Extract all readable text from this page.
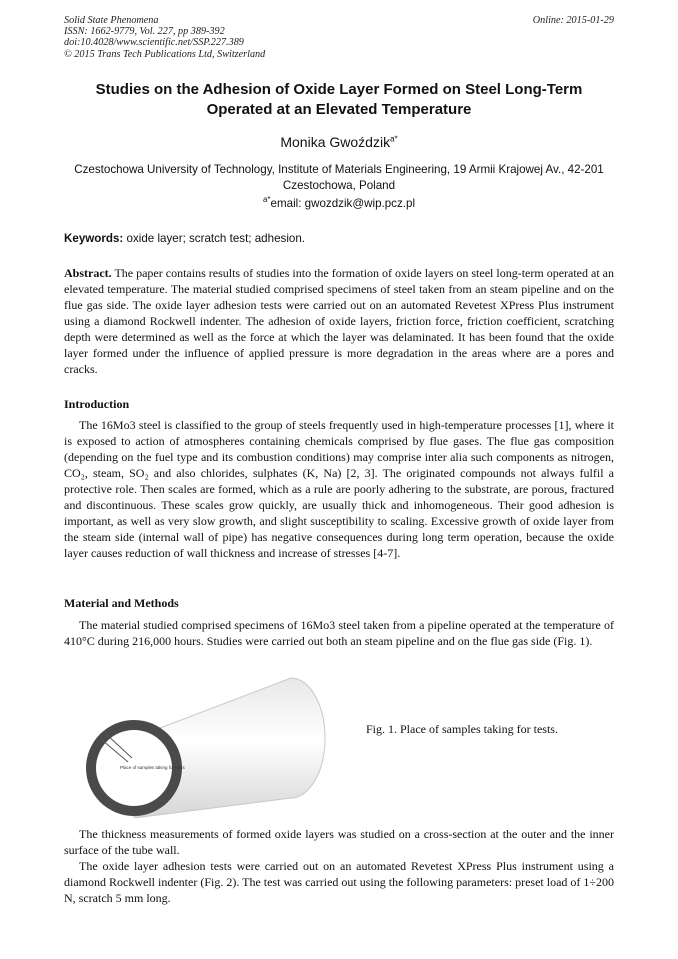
Solid State Phenomena
ISSN: 1662-9779, Vol. 227, pp 389-392
doi:10.4028/www.scientific.net/SSP.227.389
© 2015 Trans Tech Publications Ltd, Switzerland
Online: 2015-01-29
Studies on the Adhesion of Oxide Layer Formed on Steel Long-Term Operated at an Elevated Temperature
Monika Gwoździk$^{a*}$
Czestochowa University of Technology, Institute of Materials Engineering, 19 Armii Krajowej Av., 42-201 Czestochowa, Poland
$^{a*}$email: gwozdzik@wip.pcz.pl
Keywords: oxide layer; scratch test; adhesion.
Abstract. The paper contains results of studies into the formation of oxide layers on steel long-term operated at an elevated temperature. The material studied comprised specimens of steel taken from an steam pipeline and on the flue gas side. The oxide layer adhesion tests were carried out on an automated Revetest XPress Plus instrument using a diamond Rockwell indenter. The adhesion of oxide layers, friction force, friction coefficient, scratching depth were determined as well as the force at which the layer was delaminated. It has been found that the oxide layer formed under the influence of applied pressure is more degradation in the areas where are a pores and cracks.
Introduction
The 16Mo3 steel is classified to the group of steels frequently used in high-temperature processes [1], where it is exposed to action of atmospheres containing chemicals comprised by flue gases. The flue gas composition (depending on the fuel type and its combustion conditions) may comprise inter alia such components as nitrogen, CO₂, steam, SO₂ and also chlorides, sulphates (K, Na) [2, 3]. The originated compounds not always fulfil a protective role. Then scales are formed, which as a rule are poorly adhering to the substrate, are porous, fractured and discontinuous. These scales grow quickly, are usually thick and inhomogeneous. Their good adhesion is important, as well as very slow growth, and slight susceptibility to scaling. Excessive growth of oxide layer from the steam side (internal wall of pipe) has negative consequences during long term operation, because the oxide layer causes reduction of wall thickness and increase of stresses [4-7].
Material and Methods
The material studied comprised specimens of 16Mo3 steel taken from a pipeline operated at the temperature of 410°C during 216,000 hours. Studies were carried out both an steam pipeline and on the flue gas side (Fig. 1).
Place of samples taking for tests
Fig. 1. Place of samples taking for tests.
The thickness measurements of formed oxide layers was studied on a cross-section at the outer and the inner surface of the tube wall.
The oxide layer adhesion tests were carried out on an automated Revetest XPress Plus instrument using a diamond Rockwell indenter (Fig. 2). The test was carried out using the following parameters: preset load of 1÷200 N, scratch 5 mm long.
